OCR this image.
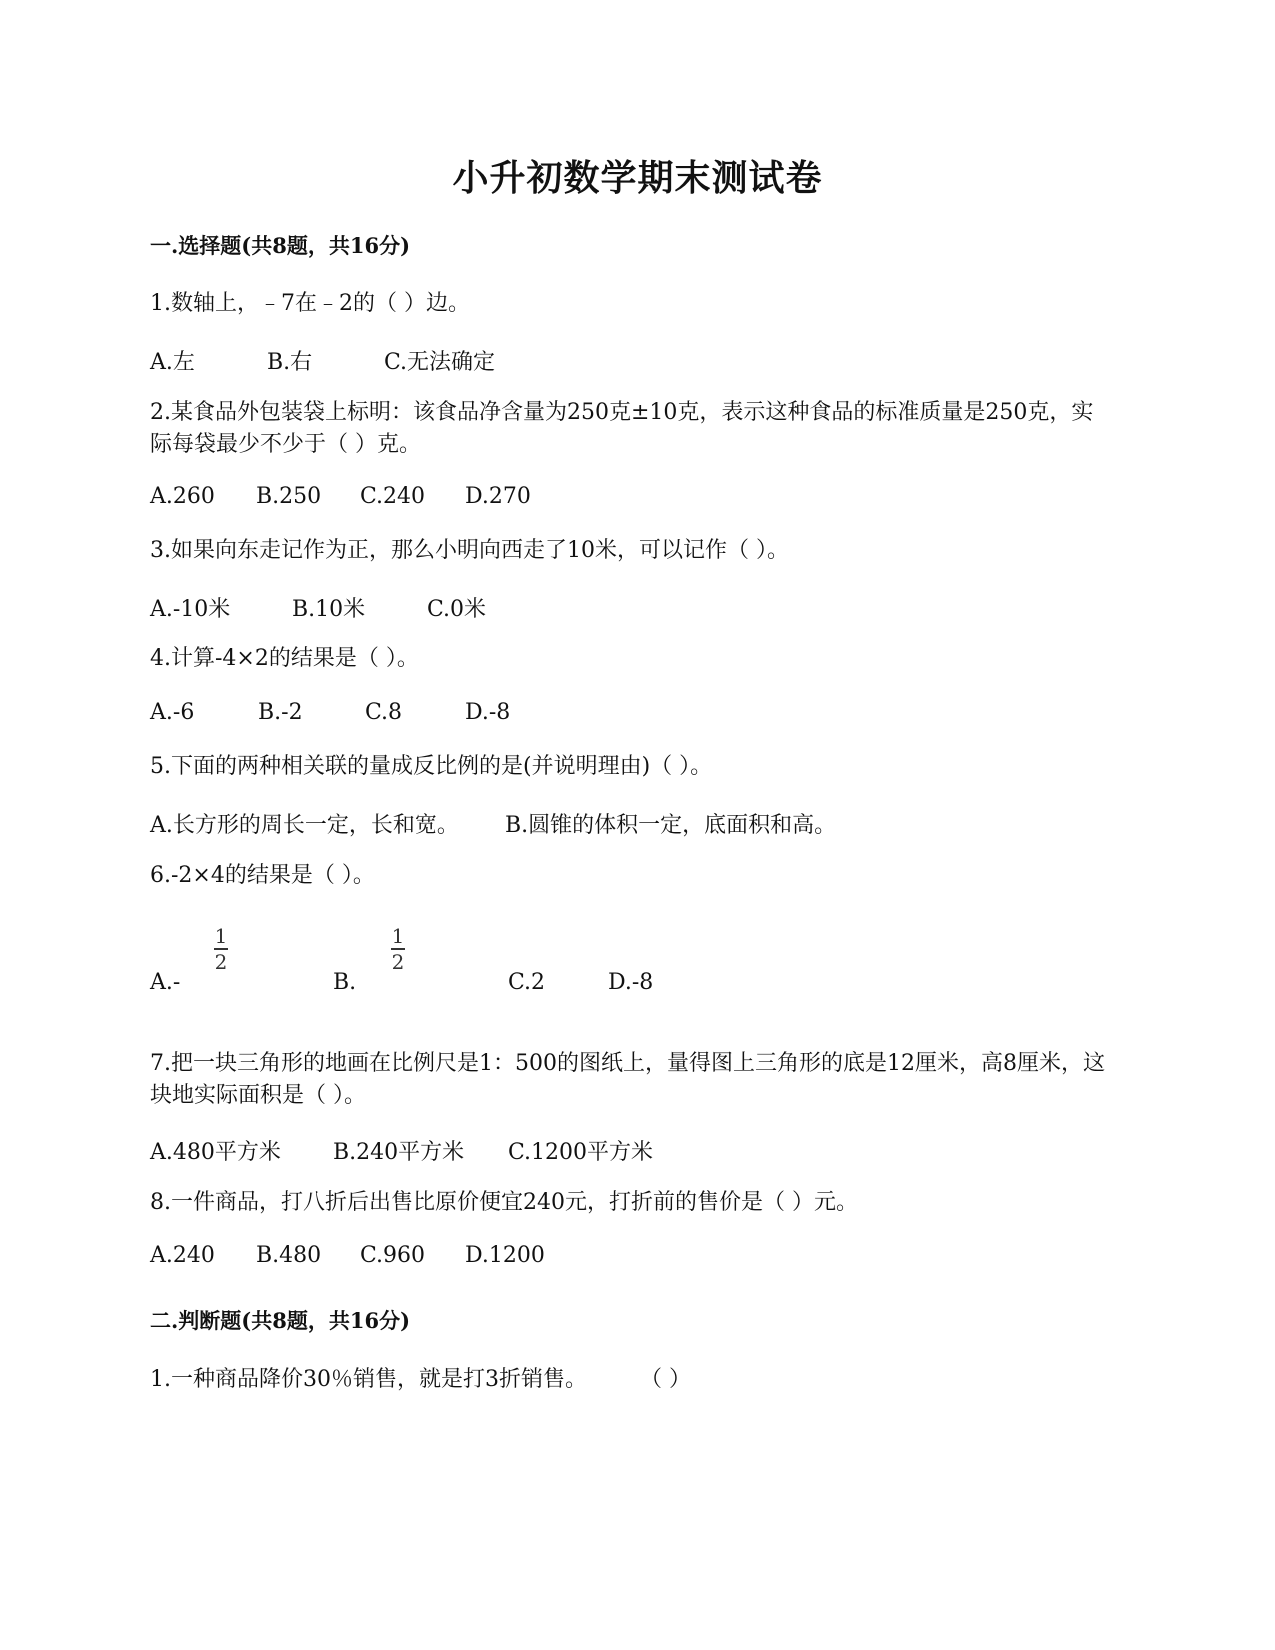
小升初数学期末测试卷
一.选择题(共8题，共16分)
1.数轴上，﹣7在﹣2的（ ）边。
A.左	B.右	C.无法确定
2.某食品外包装袋上标明：该食品净含量为250克±10克，表示这种食品的标准质量是250克，实际每袋最少不少于（ ）克。
A.260 B.250 C.240 D.270
3.如果向东走记作为正，那么小明向西走了10米，可以记作（ ）。
A.-10米	B.10米	C.0米
4.计算-4×2的结果是（ ）。
A.-6	B.-2	C.8	D.-8
5.下面的两种相关联的量成反比例的是(并说明理由)（ ）。
A.长方形的周长一定，长和宽。 B.圆锥的体积一定，底面积和高。
6.-2×4的结果是（ ）。
1
2
1
2
A.-	B.	C.2	D.-8
7.把一块三角形的地画在比例尺是1：500的图纸上，量得图上三角形的底是12厘米，高8厘米，这块地实际面积是（ ）。
A.480平方米 B.240平方米 C.1200平方米
8.一件商品，打八折后出售比原价便宜240元，打折前的售价是（ ）元。
A.240 B.480 C.960 D.1200
二.判断题(共8题，共16分)
1.一种商品降价30％销售，就是打3折销售。 （ ）
